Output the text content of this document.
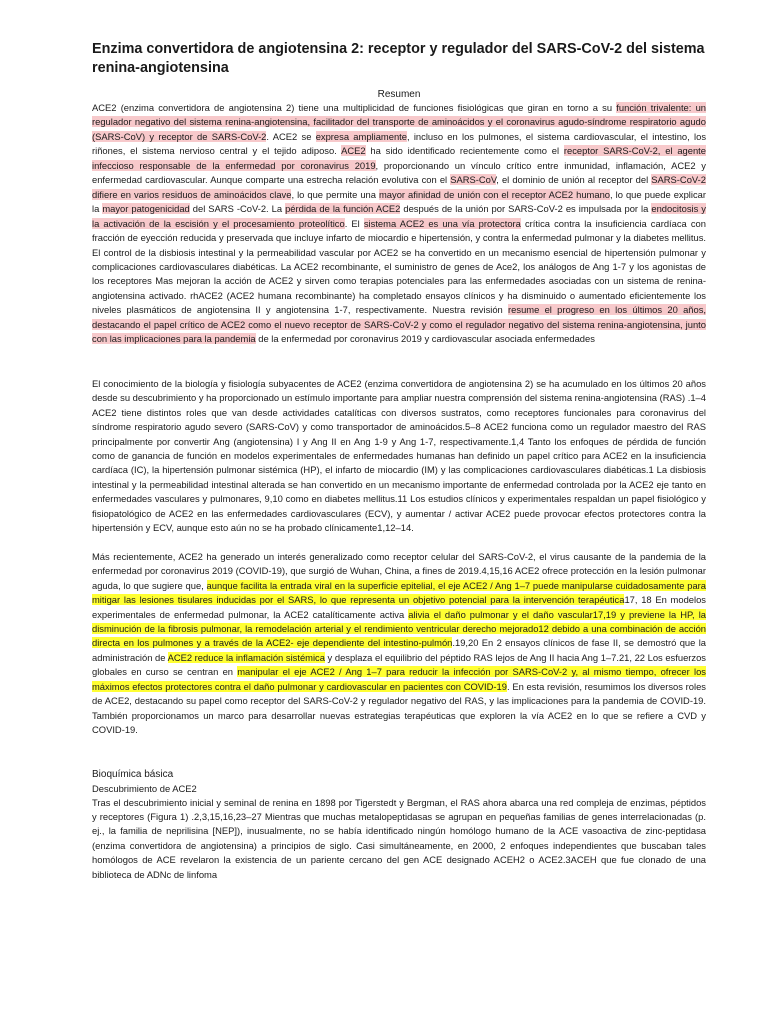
Enzima convertidora de angiotensina 2: receptor y regulador del SARS-CoV-2 del sistema renina-angiotensina

Resumen

ACE2 (enzima convertidora de angiotensina 2) tiene una multiplicidad de funciones fisiológicas que giran en torno a su función trivalente: un regulador negativo del sistema renina-angiotensina, facilitador del transporte de aminoácidos y el coronavirus agudo-síndrome respiratorio agudo (SARS-CoV) y receptor de SARS-CoV-2. ACE2 se expresa ampliamente, incluso en los pulmones, el sistema cardiovascular, el intestino, los riñones, el sistema nervioso central y el tejido adiposo. ACE2 ha sido identificado recientemente como el receptor SARS-CoV-2, el agente infeccioso responsable de la enfermedad por coronavirus 2019, proporcionando un vínculo crítico entre inmunidad, inflamación, ACE2 y enfermedad cardiovascular. Aunque comparte una estrecha relación evolutiva con el SARS-CoV, el dominio de unión al receptor del SARS-CoV-2 difiere en varios residuos de aminoácidos clave, lo que permite una mayor afinidad de unión con el receptor ACE2 humano, lo que puede explicar la mayor patogenicidad del SARS -CoV-2. La pérdida de la función ACE2 después de la unión por SARS-CoV-2 es impulsada por la endocitosis y la activación de la escisión y el procesamiento proteolítico. El sistema ACE2 es una vía protectora crítica contra la insuficiencia cardíaca con fracción de eyección reducida y preservada que incluye infarto de miocardio e hipertensión, y contra la enfermedad pulmonar y la diabetes mellitus. El control de la disbiosis intestinal y la permeabilidad vascular por ACE2 se ha convertido en un mecanismo esencial de hipertensión pulmonar y complicaciones cardiovasculares diabéticas. La ACE2 recombinante, el suministro de genes de Ace2, los análogos de Ang 1-7 y los agonistas de los receptores Mas mejoran la acción de ACE2 y sirven como terapias potenciales para las enfermedades asociadas con un sistema de renina-angiotensina activado. rhACE2 (ACE2 humana recombinante) ha completado ensayos clínicos y ha disminuido o aumentado eficientemente los niveles plasmáticos de angiotensina II y angiotensina 1-7, respectivamente. Nuestra revisión resume el progreso en los últimos 20 años, destacando el papel crítico de ACE2 como el nuevo receptor de SARS-CoV-2 y como el regulador negativo del sistema renina-angiotensina, junto con las implicaciones para la pandemia de la enfermedad por coronavirus 2019 y cardiovascular asociada enfermedades

El conocimiento de la biología y fisiología subyacentes de ACE2 (enzima convertidora de angiotensina 2) se ha acumulado en los últimos 20 años desde su descubrimiento y ha proporcionado un estímulo importante para ampliar nuestra comprensión del sistema renina-angiotensina (RAS) .1–4 ACE2 tiene distintos roles que van desde actividades catalíticas con diversos sustratos, como receptores funcionales para coronavirus del síndrome respiratorio agudo severo (SARS-CoV) y como transportador de aminoácidos.5–8 ACE2 funciona como un regulador maestro del RAS principalmente por convertir Ang (angiotensina) I y Ang II en Ang 1-9 y Ang 1-7, respectivamente.1,4 Tanto los enfoques de pérdida de función como de ganancia de función en modelos experimentales de enfermedades humanas han definido un papel crítico para ACE2 en la insuficiencia cardíaca (IC), la hipertensión pulmonar sistémica (HP), el infarto de miocardio (IM) y las complicaciones cardiovasculares diabéticas.1 La disbiosis intestinal y la permeabilidad intestinal alterada se han convertido en un mecanismo importante de enfermedad controlada por la ACE2 eje tanto en enfermedades vasculares y pulmonares, 9,10 como en diabetes mellitus.11 Los estudios clínicos y experimentales respaldan un papel fisiológico y fisiopatológico de ACE2 en las enfermedades cardiovasculares (ECV), y aumentar / activar ACE2 puede provocar efectos protectores contra la hipertensión y ECV, aunque esto aún no se ha probado clínicamente1,12–14.

Más recientemente, ACE2 ha generado un interés generalizado como receptor celular del SARS-CoV-2, el virus causante de la pandemia de la enfermedad por coronavirus 2019 (COVID-19), que surgió de Wuhan, China, a fines de 2019.4,15,16 ACE2 ofrece protección en la lesión pulmonar aguda, lo que sugiere que, aunque facilita la entrada viral en la superficie epitelial, el eje ACE2 / Ang 1–7 puede manipularse cuidadosamente para mitigar las lesiones tisulares inducidas por el SARS, lo que representa un objetivo potencial para la intervención terapéutica17, 18 En modelos experimentales de enfermedad pulmonar, la ACE2 catalíticamente activa alivia el daño pulmonar y el daño vascular17,19 y previene la HP, la disminución de la fibrosis pulmonar, la remodelación arterial y el rendimiento ventricular derecho mejorado12 debido a una combinación de acción directa en los pulmones y a través de la ACE2- eje dependiente del intestino-pulmón.19,20 En 2 ensayos clínicos de fase II, se demostró que la administración de ACE2 reduce la inflamación sistémica y desplaza el equilibrio del péptido RAS lejos de Ang II hacia Ang 1–7.21, 22 Los esfuerzos globales en curso se centran en manipular el eje ACE2 / Ang 1–7 para reducir la infección por SARS-CoV-2 y, al mismo tiempo, ofrecer los máximos efectos protectores contra el daño pulmonar y cardiovascular en pacientes con COVID-19. En esta revisión, resumimos los diversos roles de ACE2, destacando su papel como receptor del SARS-CoV-2 y regulador negativo del RAS, y las implicaciones para la pandemia de COVID-19. También proporcionamos un marco para desarrollar nuevas estrategias terapéuticas que exploren la vía ACE2 en lo que se refiere a CVD y COVID-19.

Bioquímica básica

Descubrimiento de ACE2

Tras el descubrimiento inicial y seminal de renina en 1898 por Tigerstedt y Bergman, el RAS ahora abarca una red compleja de enzimas, péptidos y receptores (Figura 1) .2,3,15,16,23–27 Mientras que muchas metalopeptidasas se agrupan en pequeñas familias de genes interrelacionadas (p. ej., la familia de neprilisina [NEP]), inusualmente, no se había identificado ningún homólogo humano de la ACE vasoactiva de zinc-peptidasa (enzima convertidora de angiotensina) a principios de siglo. Casi simultáneamente, en 2000, 2 enfoques independientes que buscaban tales homólogos de ACE revelaron la existencia de un pariente cercano del gen ACE designado ACEH2 o ACE2.3ACEH que fue clonado de una biblioteca de ADNc de linfoma
